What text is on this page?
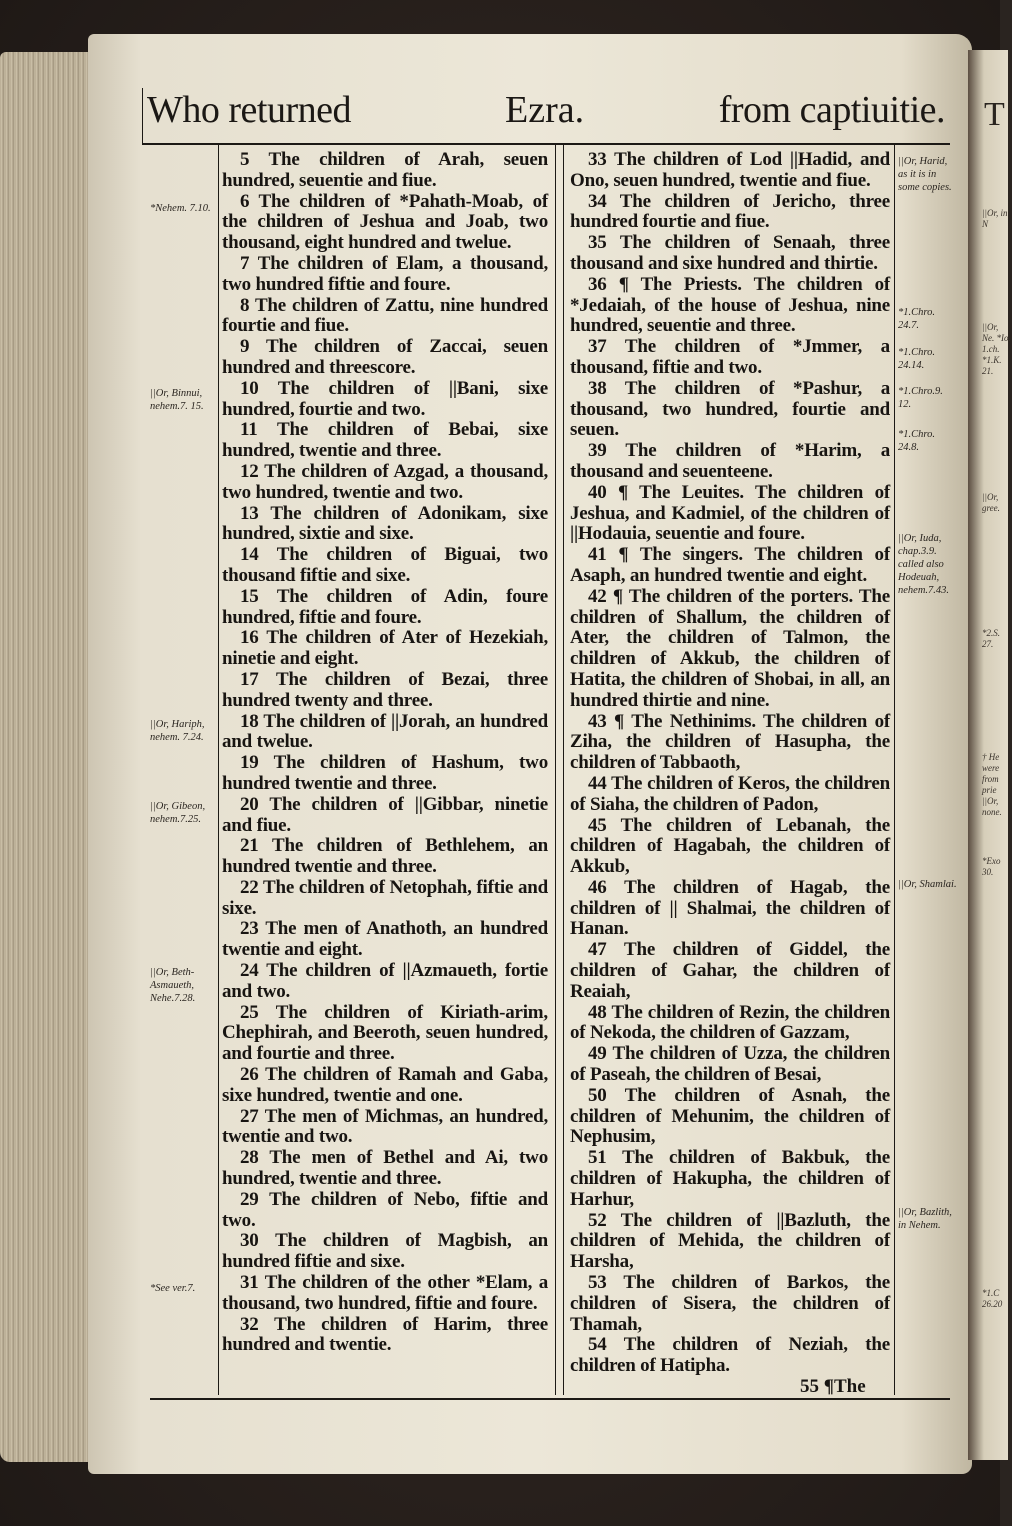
Who returned	Ezra.	from captiuitie.

5 The children of Arah, seuen hundred, seuentie and fiue.

6 The children of *Pahath-Moab, of the children of Jeshua and Joab, two thousand, eight hundred and twelue.

7 The children of Elam, a thousand, two hundred fiftie and foure.

8 The children of Zattu, nine hundred fourtie and fiue.

9 The children of Zaccai, seuen hundred and threescore.

10 The children of ||Bani, sixe hundred, fourtie and two.

11 The children of Bebai, sixe hundred, twentie and three.

12 The children of Azgad, a thousand, two hundred, twentie and two.

13 The children of Adonikam, sixe hundred, sixtie and sixe.

14 The children of Biguai, two thousand fiftie and sixe.

15 The children of Adin, foure hundred, fiftie and foure.

16 The children of Ater of Hezekiah, ninetie and eight.

17 The children of Bezai, three hundred twenty and three.

18 The children of ||Jorah, an hundred and twelue.

19 The children of Hashum, two hundred twentie and three.

20 The children of ||Gibbar, ninetie and fiue.

21 The children of Bethlehem, an hundred twentie and three.

22 The children of Netophah, fiftie and sixe.

23 The men of Anathoth, an hundred twentie and eight.

24 The children of ||Azmaueth, fortie and two.

25 The children of Kiriath-arim, Chephirah, and Beeroth, seuen hundred, and fourtie and three.

26 The children of Ramah and Gaba, sixe hundred, twentie and one.

27 The men of Michmas, an hundred, twentie and two.

28 The men of Bethel and Ai, two hundred, twentie and three.

29 The children of Nebo, fiftie and two.

30 The children of Magbish, an hundred fiftie and sixe.

31 The children of the other *Elam, a thousand, two hundred, fiftie and foure.

32 The children of Harim, three hundred and twentie.

33 The children of Lod ||Hadid, and Ono, seuen hundred, twentie and fiue.

34 The children of Jericho, three hundred fourtie and fiue.

35 The children of Senaah, three thousand and sixe hundred and thirtie.

36 ¶ The Priests. The children of *Jedaiah, of the house of Jeshua, nine hundred, seuentie and three.

37 The children of *Jmmer, a thousand, fiftie and two.

38 The children of *Pashur, a thousand, two hundred, fourtie and seuen.

39 The children of *Harim, a thousand and seuenteene.

40 ¶ The Leuites. The children of Jeshua, and Kadmiel, of the children of ||Hodauia, seuentie and foure.

41 ¶ The singers. The children of Asaph, an hundred twentie and eight.

42 ¶ The children of the porters. The children of Shallum, the children of Ater, the children of Talmon, the children of Akkub, the children of Hatita, the children of Shobai, in all, an hundred thirtie and nine.

43 ¶ The Nethinims. The children of Ziha, the children of Hasupha, the children of Tabbaoth,

44 The children of Keros, the children of Siaha, the children of Padon,

45 The children of Lebanah, the children of Hagabah, the children of Akkub,

46 The children of Hagab, the children of || Shalmai, the children of Hanan.

47 The children of Giddel, the children of Gahar, the children of Reaiah,

48 The children of Rezin, the children of Nekoda, the children of Gazzam,

49 The children of Uzza, the children of Paseah, the children of Besai,

50 The children of Asnah, the children of Mehunim, the children of Nephusim,

51 The children of Bakbuk, the children of Hakupha, the children of Harhur,

52 The children of ||Bazluth, the children of Mehida, the children of Harsha,

53 The children of Barkos, the children of Sisera, the children of Thamah,

54 The children of Neziah, the children of Hatipha.

*Nehem. 7.10.
||Or, Binnui, nehem.7. 15.
||Or, Hariph, nehem. 7.24.
||Or, Gibeon, nehem.7.25.
||Or, Beth-Asmaueth, Nehe.7.28.
*See ver.7.
||Or, Harid, as it is in some copies.
*1.Chro. 24.7.
*1.Chro. 24.14.
*1.Chro.9. 12.
*1.Chro. 24.8.
||Or, Iuda, chap.3.9. called also Hodeuah, nehem.7.43.
||Or, Shamlai.
||Or, Bazlith, in Nehem.
55 ¶The
T
||Or, in N
||Or, Ne. *Io. 1.ch. *1.K. 21.
||Or, gree.
*2.S. 27.
† He were from prie ||Or, none.
*Exo 30.
*1.C 26.20
